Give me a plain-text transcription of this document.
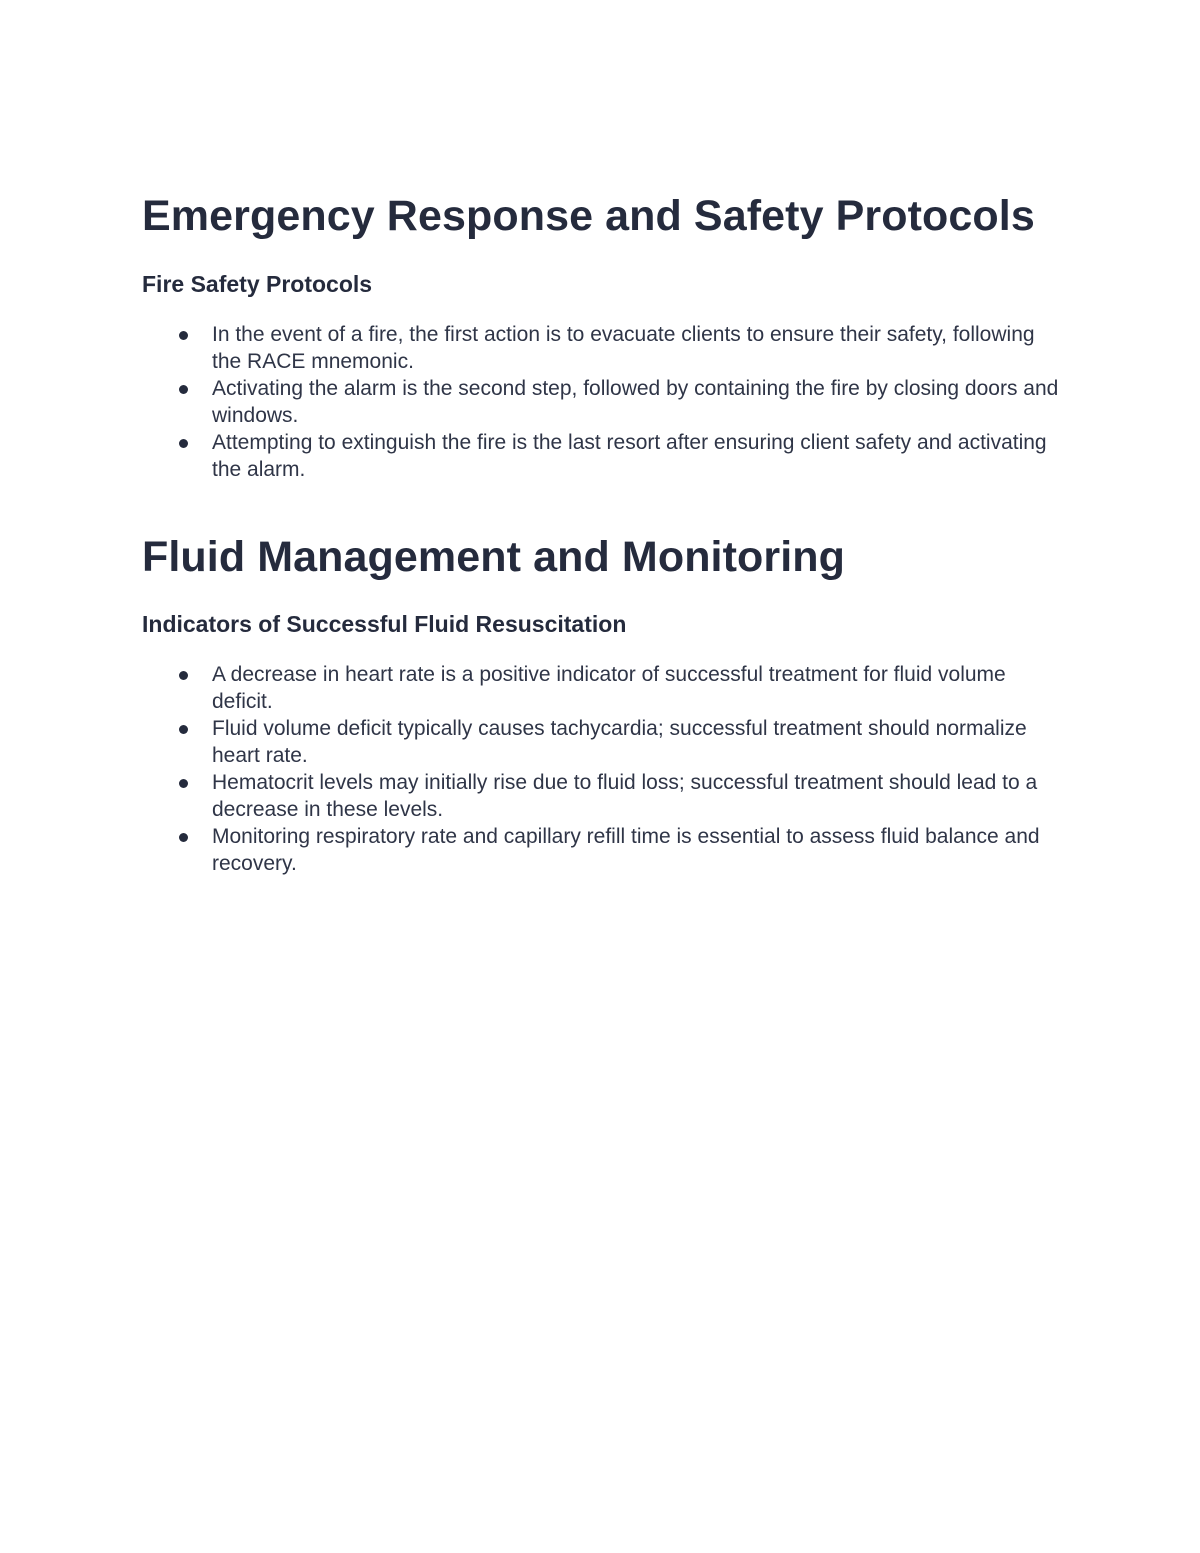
Emergency Response and Safety Protocols
Fire Safety Protocols
In the event of a fire, the first action is to evacuate clients to ensure their safety, following the RACE mnemonic.
Activating the alarm is the second step, followed by containing the fire by closing doors and windows.
Attempting to extinguish the fire is the last resort after ensuring client safety and activating the alarm.
Fluid Management and Monitoring
Indicators of Successful Fluid Resuscitation
A decrease in heart rate is a positive indicator of successful treatment for fluid volume deficit.
Fluid volume deficit typically causes tachycardia; successful treatment should normalize heart rate.
Hematocrit levels may initially rise due to fluid loss; successful treatment should lead to a decrease in these levels.
Monitoring respiratory rate and capillary refill time is essential to assess fluid balance and recovery.
